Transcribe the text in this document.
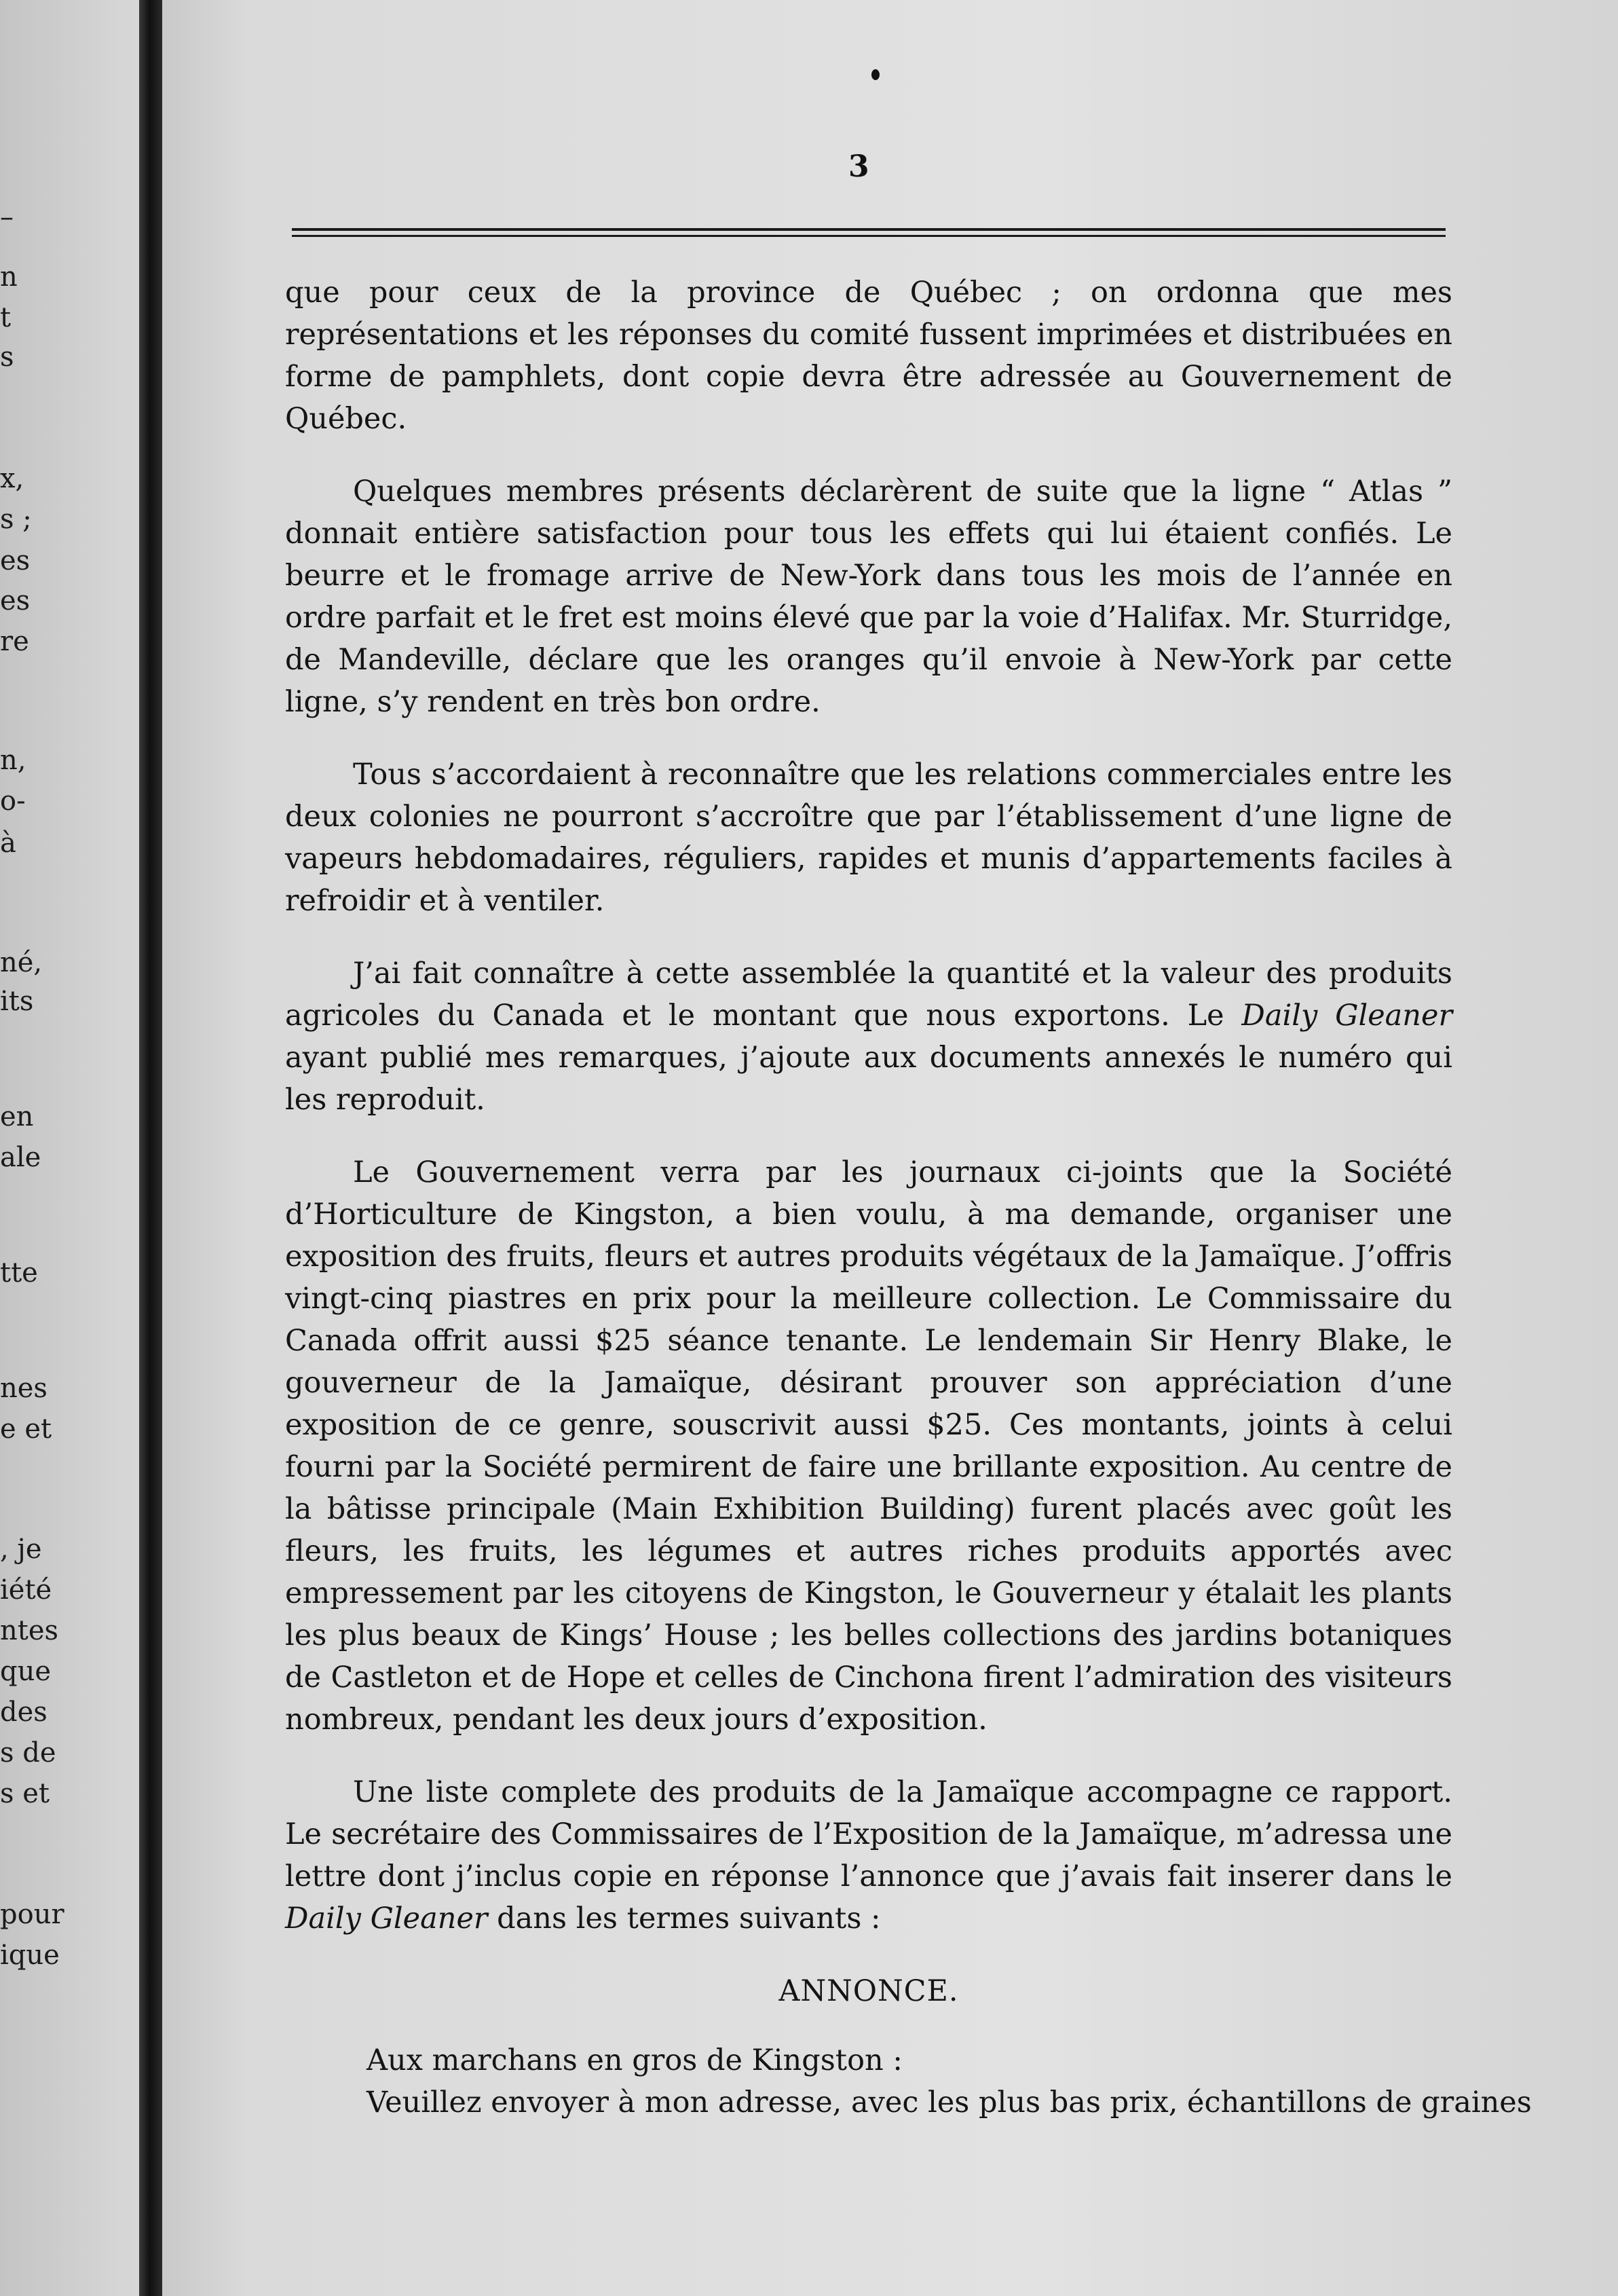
–
n
t
s
x,
s ;
es
es
re
n,
o-
à
né,
its
en
ale
tte
nes
e et
, je
iété
ntes
que
des
s de
s et
pour
ique
3

que pour ceux de la province de Québec ; on ordonna que mes représentations et les réponses du comité fussent imprimées et distribuées en forme de pamphlets, dont copie devra être adressée au Gouvernement de Québec.

Quelques membres présents déclarèrent de suite que la ligne “ Atlas ” donnait entière satisfaction pour tous les effets qui lui étaient confiés. Le beurre et le fromage arrive de New-York dans tous les mois de l’année en ordre parfait et le fret est moins élevé que par la voie d’Halifax. Mr. Sturridge, de Mandeville, déclare que les oranges qu’il envoie à New-York par cette ligne, s’y rendent en très bon ordre.

Tous s’accordaient à reconnaître que les relations commerciales entre les deux colonies ne pourront s’accroître que par l’établissement d’une ligne de vapeurs hebdomadaires, réguliers, rapides et munis d’appartements faciles à refroidir et à ventiler.

J’ai fait connaître à cette assemblée la quantité et la valeur des produits agricoles du Canada et le montant que nous exportons. Le Daily Gleaner ayant publié mes remarques, j’ajoute aux documents annexés le numéro qui les reproduit.

Le Gouvernement verra par les journaux ci-joints que la Société d’Horticulture de Kingston, a bien voulu, à ma demande, organiser une exposition des fruits, fleurs et autres produits végétaux de la Jamaïque. J’offris vingt-cinq piastres en prix pour la meilleure collection. Le Commissaire du Canada offrit aussi $25 séance tenante. Le lendemain Sir Henry Blake, le gouverneur de la Jamaïque, désirant prouver son appréciation d’une exposition de ce genre, souscrivit aussi $25. Ces montants, joints à celui fourni par la Société permirent de faire une brillante exposition. Au centre de la bâtisse principale (Main Exhibition Building) furent placés avec goût les fleurs, les fruits, les légumes et autres riches produits apportés avec empressement par les citoyens de Kingston, le Gouverneur y étalait les plants les plus beaux de Kings’ House ; les belles collections des jardins botaniques de Castleton et de Hope et celles de Cinchona firent l’admiration des visiteurs nombreux, pendant les deux jours d’exposition.

Une liste complete des produits de la Jamaïque accompagne ce rapport. Le secrétaire des Commissaires de l’Exposition de la Jamaïque, m’adressa une lettre dont j’inclus copie en réponse l’annonce que j’avais fait inserer dans le Daily Gleaner dans les termes suivants :

ANNONCE.

Aux marchans en gros de Kingston :

Veuillez envoyer à mon adresse, avec les plus bas prix, échantillons de graines
